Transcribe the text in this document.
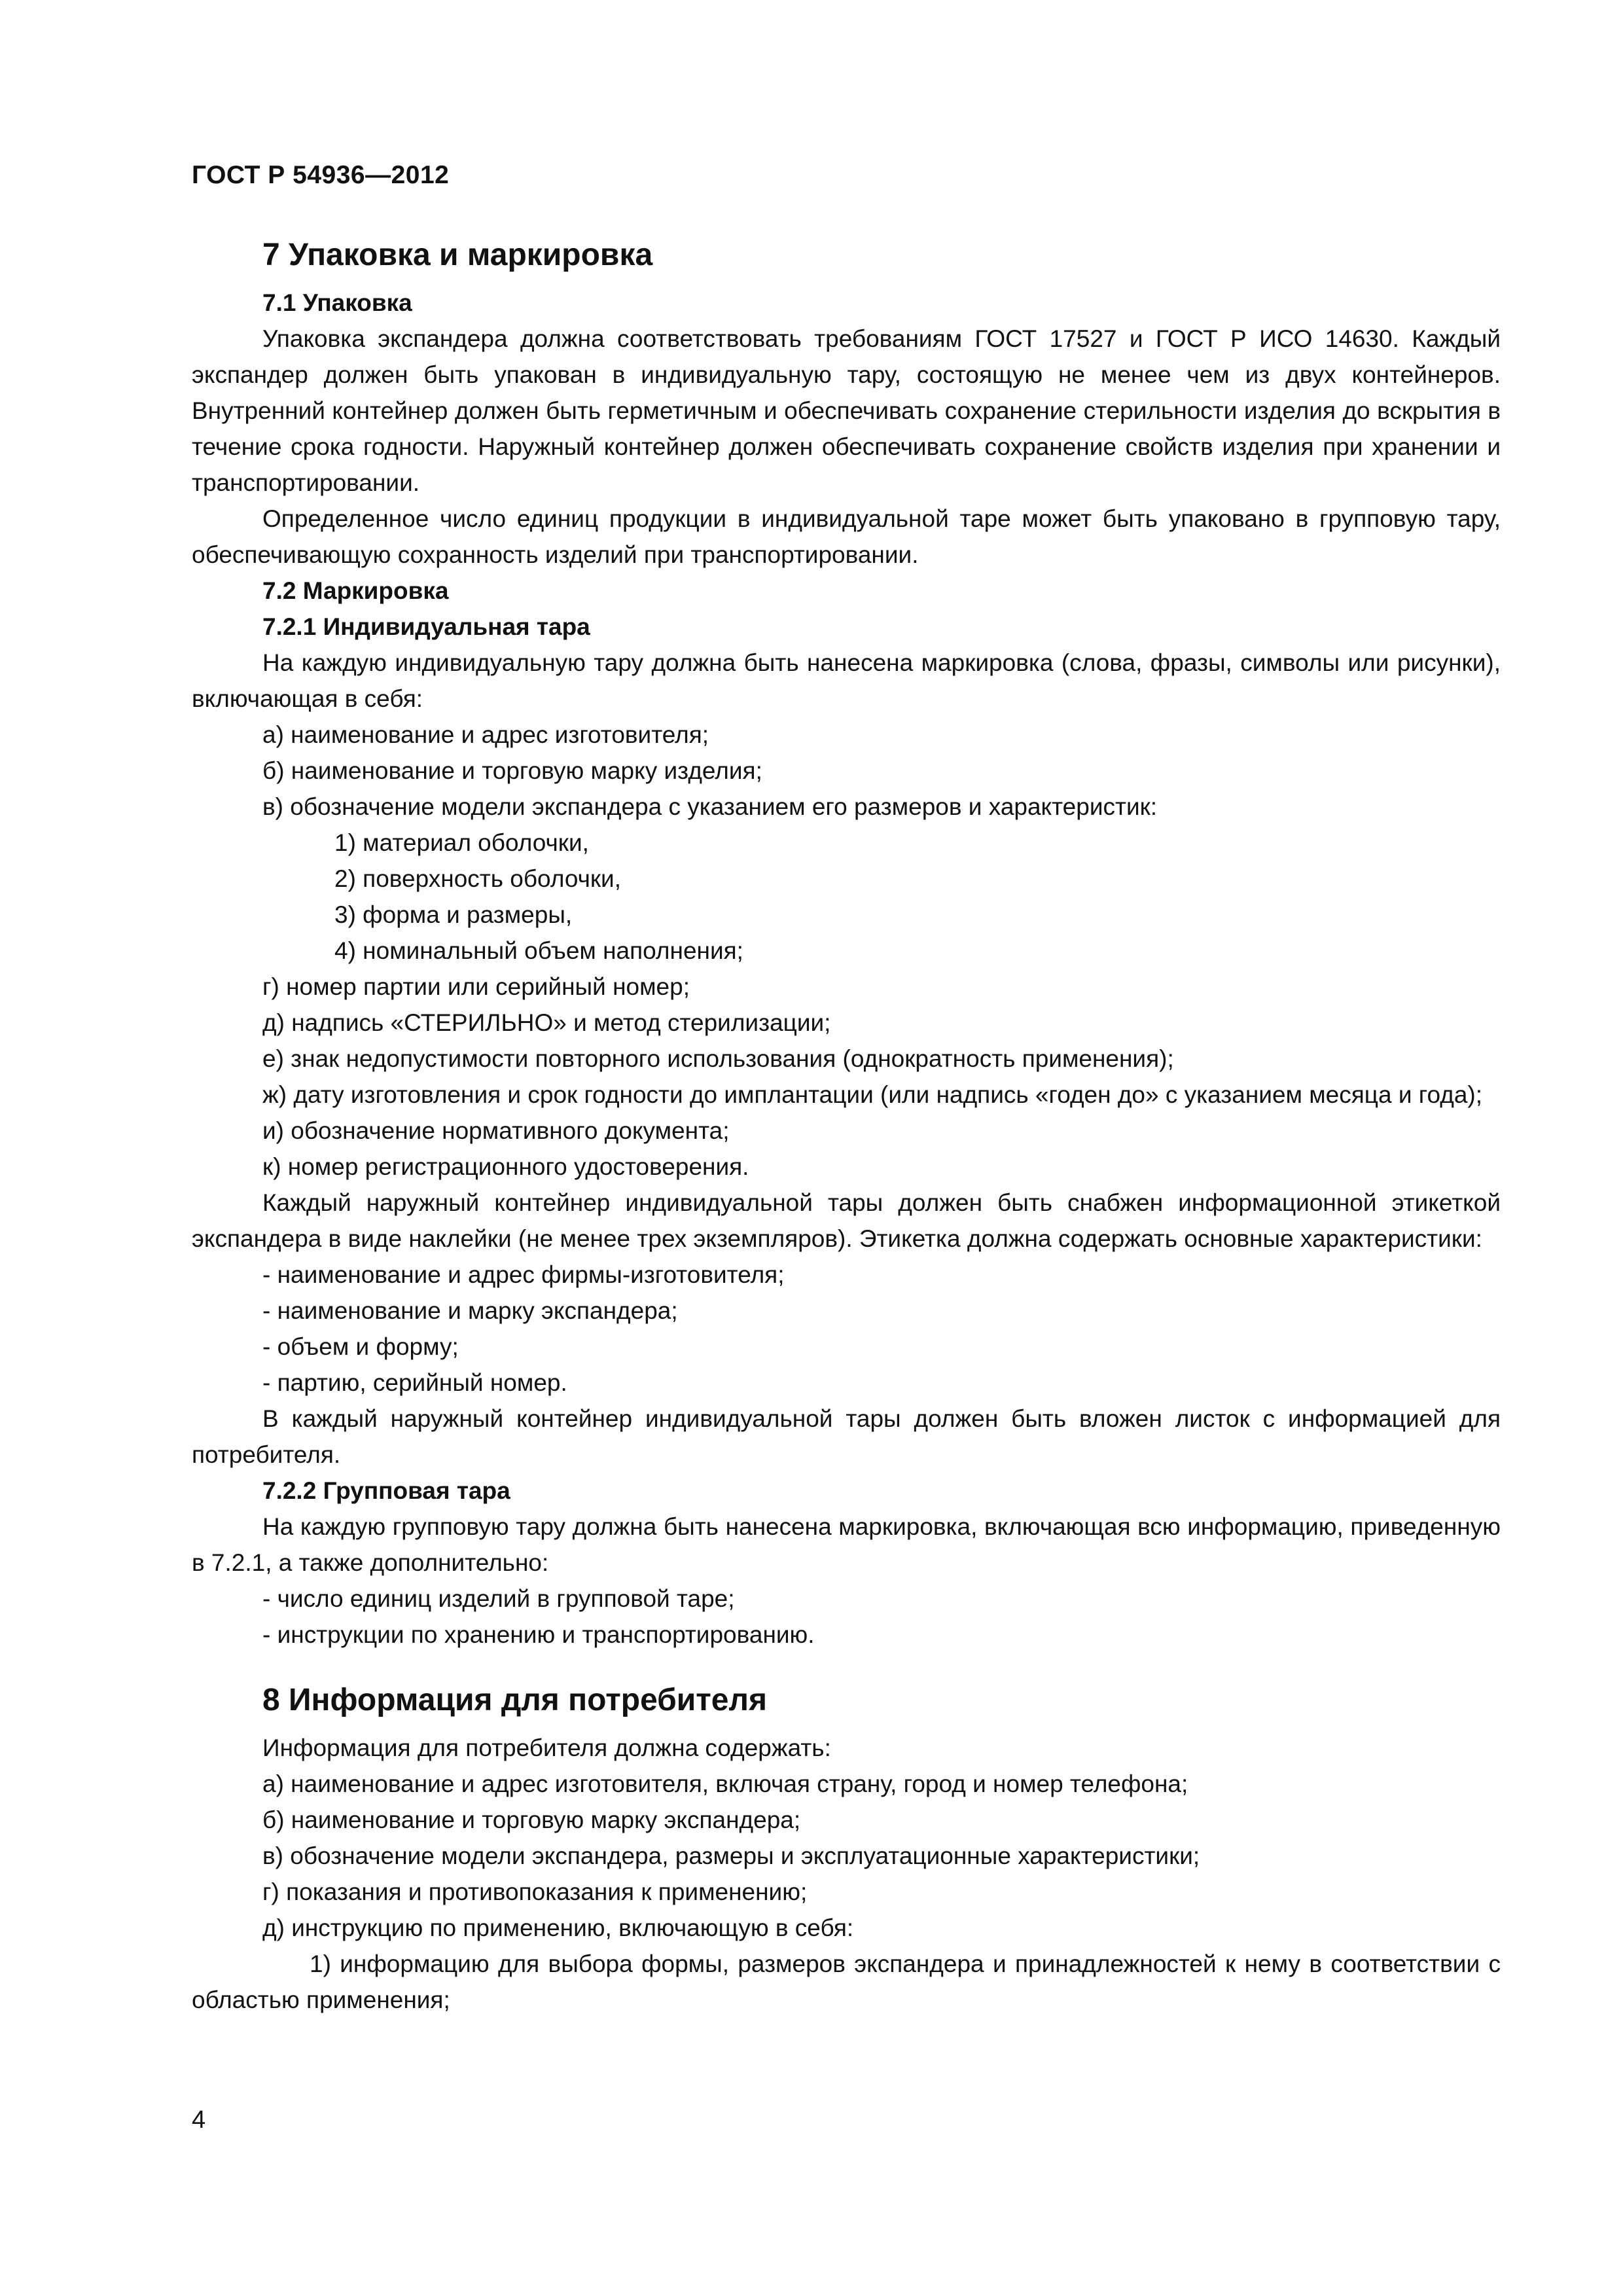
ГОСТ Р 54936—2012

7 Упаковка и маркировка

7.1 Упаковка

Упаковка экспандера должна соответствовать требованиям ГОСТ 17527 и ГОСТ Р ИСО 14630. Каждый экспандер должен быть упакован в индивидуальную тару, состоящую не менее чем из двух контейнеров. Внутренний контейнер должен быть герметичным и обеспечивать сохранение стерильности изделия до вскрытия в течение срока годности. Наружный контейнер должен обеспечивать сохранение свойств изделия при хранении и транспортировании.

Определенное число единиц продукции в индивидуальной таре может быть упаковано в групповую тару, обеспечивающую сохранность изделий при транспортировании.

7.2 Маркировка

7.2.1 Индивидуальная тара

На каждую индивидуальную тару должна быть нанесена маркировка (слова, фразы, символы или рисунки), включающая в себя:

а) наименование и адрес изготовителя;

б) наименование и торговую марку изделия;

в) обозначение модели экспандера с указанием его размеров и характеристик:

1) материал оболочки,

2) поверхность оболочки,

3) форма и размеры,

4) номинальный объем наполнения;

г) номер партии или серийный номер;

д) надпись «СТЕРИЛЬНО» и метод стерилизации;

е) знак недопустимости повторного использования (однократность применения);

ж) дату изготовления и срок годности до имплантации (или надпись «годен до» с указанием месяца и года);

и) обозначение нормативного документа;

к) номер регистрационного удостоверения.

Каждый наружный контейнер индивидуальной тары должен быть снабжен информационной этикеткой экспандера в виде наклейки (не менее трех экземпляров). Этикетка должна содержать основные характеристики:

- наименование и адрес фирмы-изготовителя;

- наименование и марку экспандера;

- объем и форму;

- партию, серийный номер.

В каждый наружный контейнер индивидуальной тары должен быть вложен листок с информацией для потребителя.

7.2.2 Групповая тара

На каждую групповую тару должна быть нанесена маркировка, включающая всю информацию, приведенную в 7.2.1, а также дополнительно:

- число единиц изделий в групповой таре;

- инструкции по хранению и транспортированию.

8 Информация для потребителя

Информация для потребителя должна содержать:

а) наименование и адрес изготовителя, включая страну, город и номер телефона;

б) наименование и торговую марку экспандера;

в) обозначение модели экспандера, размеры и эксплуатационные характеристики;

г) показания и противопоказания к применению;

д) инструкцию по применению, включающую в себя:

1) информацию для выбора формы, размеров экспандера и принадлежностей к нему в соответствии с областью применения;

4
